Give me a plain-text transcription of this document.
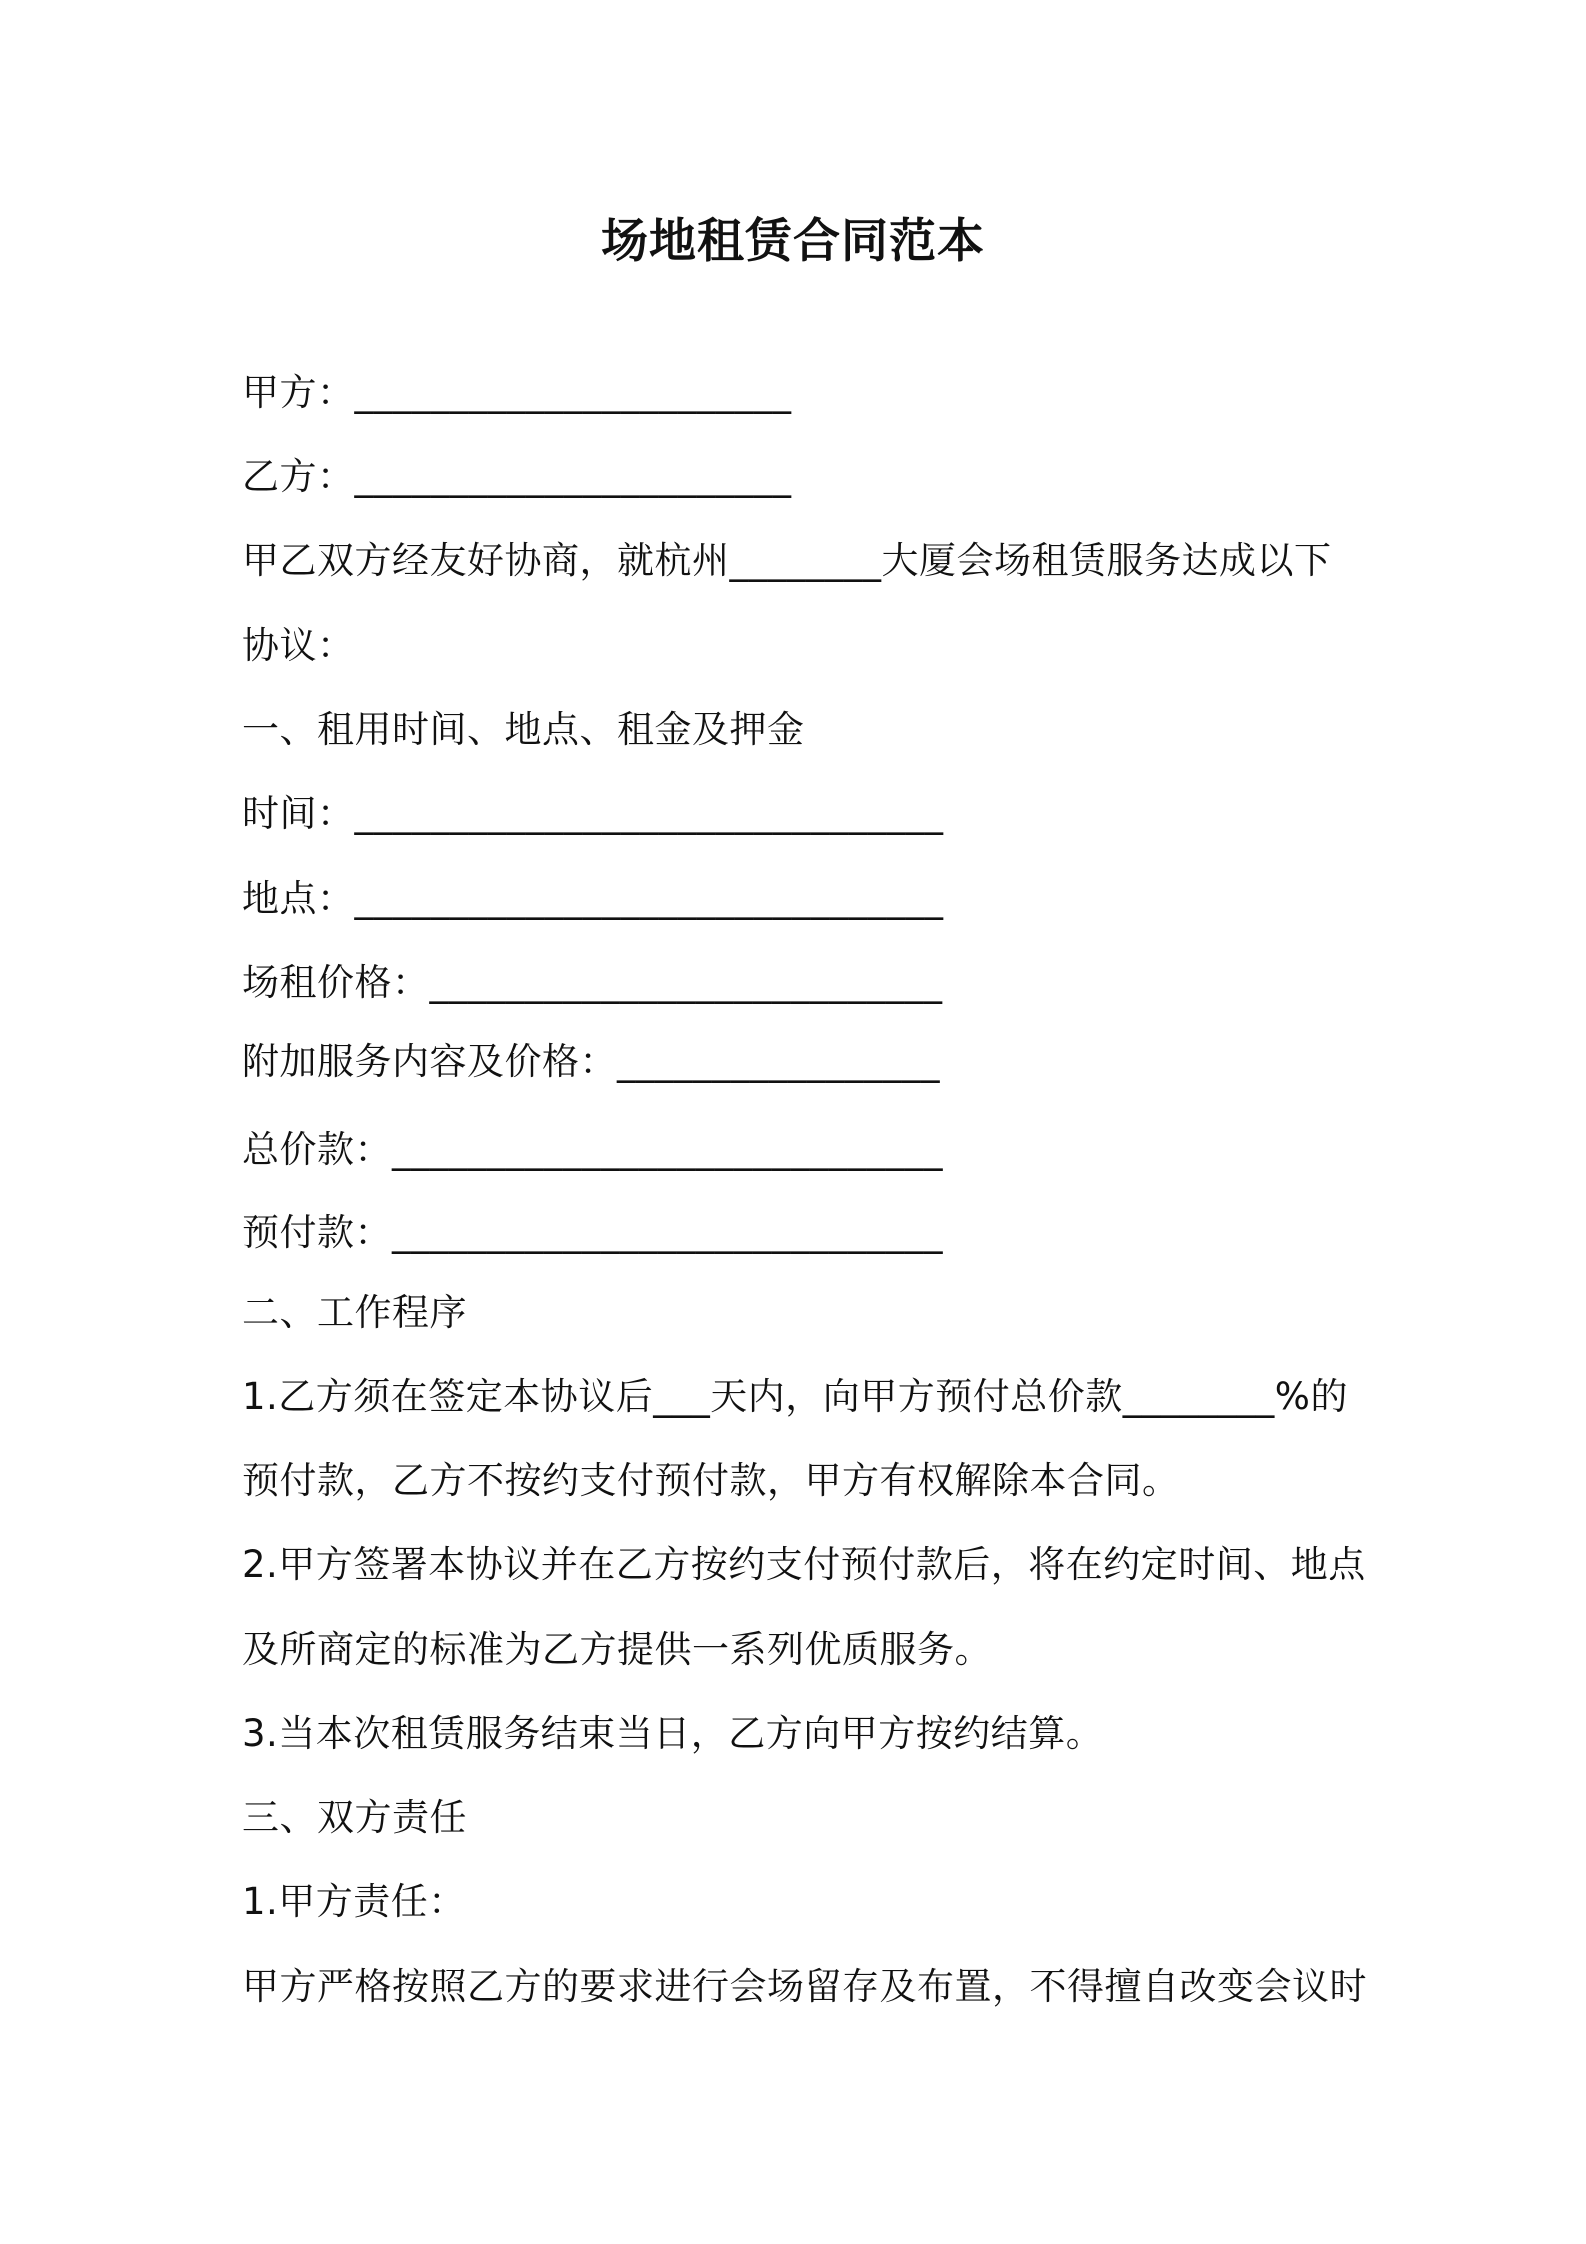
场地租赁合同范本
甲方：_______________________
乙方：_______________________
甲乙双方经友好协商，就杭州________大厦会场租赁服务达成以下
协议：
一、租用时间、地点、租金及押金
时间：_______________________________
地点：_______________________________
场租价格：___________________________
附加服务内容及价格：_________________
总价款：_____________________________
预付款：_____________________________
二、工作程序
1.乙方须在签定本协议后___天内，向甲方预付总价款________%的
预付款，乙方不按约支付预付款，甲方有权解除本合同。
2.甲方签署本协议并在乙方按约支付预付款后，将在约定时间、地点
及所商定的标准为乙方提供一系列优质服务。
3.当本次租赁服务结束当日，乙方向甲方按约结算。
三、双方责任
1.甲方责任：
甲方严格按照乙方的要求进行会场留存及布置，不得擅自改变会议时
